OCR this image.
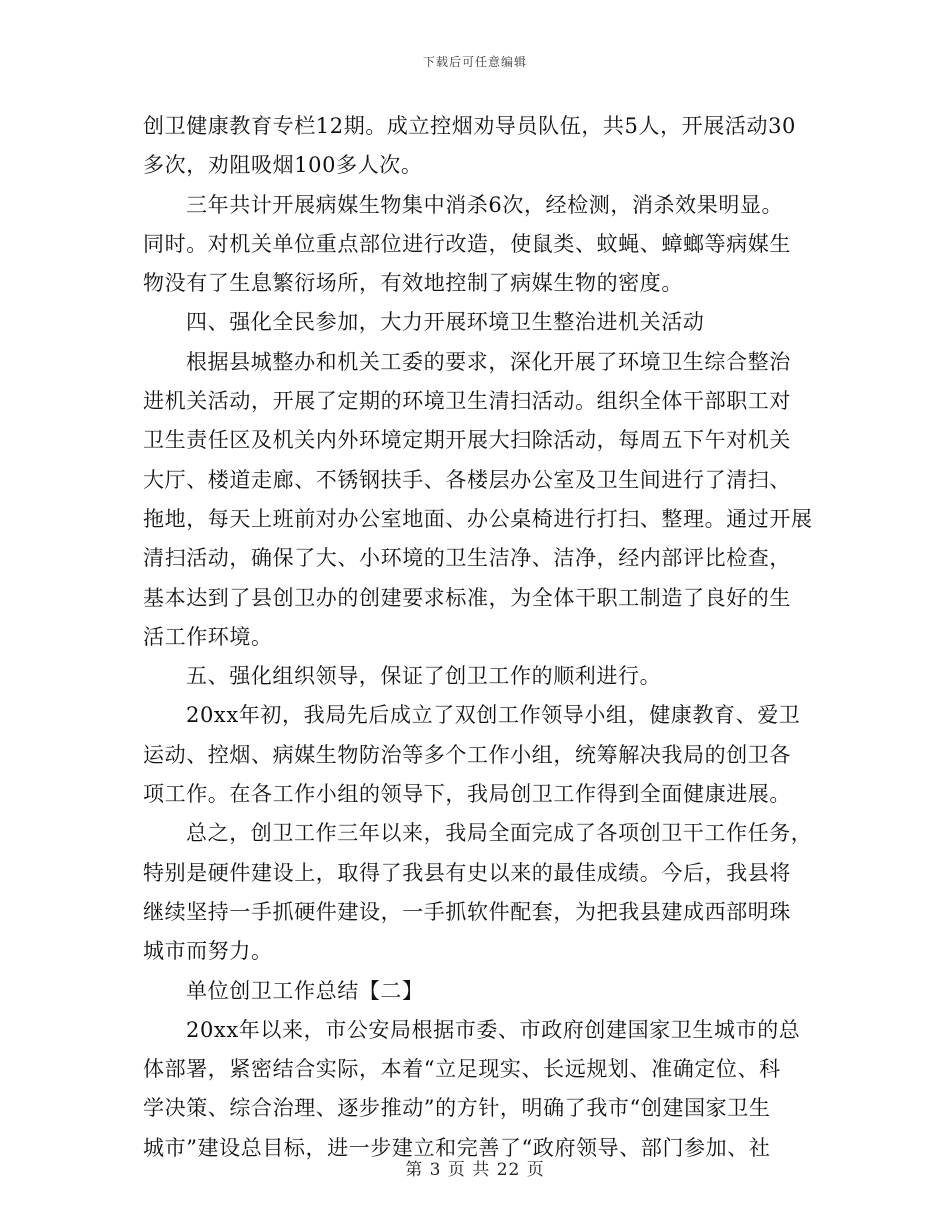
下载后可任意编辑
创卫健康教育专栏12期。成立控烟劝导员队伍，共5人，开展活动30
多次，劝阻吸烟100多人次。
三年共计开展病媒生物集中消杀6次，经检测，消杀效果明显。
同时。对机关单位重点部位进行改造，使鼠类、蚊蝇、蟑螂等病媒生
物没有了生息繁衍场所，有效地控制了病媒生物的密度。
四、强化全民参加，大力开展环境卫生整治进机关活动
根据县城整办和机关工委的要求，深化开展了环境卫生综合整治
进机关活动，开展了定期的环境卫生清扫活动。组织全体干部职工对
卫生责任区及机关内外环境定期开展大扫除活动，每周五下午对机关
大厅、楼道走廊、不锈钢扶手、各楼层办公室及卫生间进行了清扫、
拖地，每天上班前对办公室地面、办公桌椅进行打扫、整理。通过开展
清扫活动，确保了大、小环境的卫生洁净、洁净，经内部评比检查，
基本达到了县创卫办的创建要求标准，为全体干职工制造了良好的生
活工作环境。
五、强化组织领导，保证了创卫工作的顺利进行。
20xx年初，我局先后成立了双创工作领导小组，健康教育、爱卫
运动、控烟、病媒生物防治等多个工作小组，统筹解决我局的创卫各
项工作。在各工作小组的领导下，我局创卫工作得到全面健康进展。
总之，创卫工作三年以来，我局全面完成了各项创卫干工作任务，
特别是硬件建设上，取得了我县有史以来的最佳成绩。今后，我县将
继续坚持一手抓硬件建设，一手抓软件配套，为把我县建成西部明珠
城市而努力。
单位创卫工作总结【二】
20xx年以来，市公安局根据市委、市政府创建国家卫生城市的总
体部署，紧密结合实际，本着“立足现实、长远规划、准确定位、科
学决策、综合治理、逐步推动”的方针，明确了我市“创建国家卫生
城市”建设总目标，进一步建立和完善了“政府领导、部门参加、社
第 3 页 共 22 页
